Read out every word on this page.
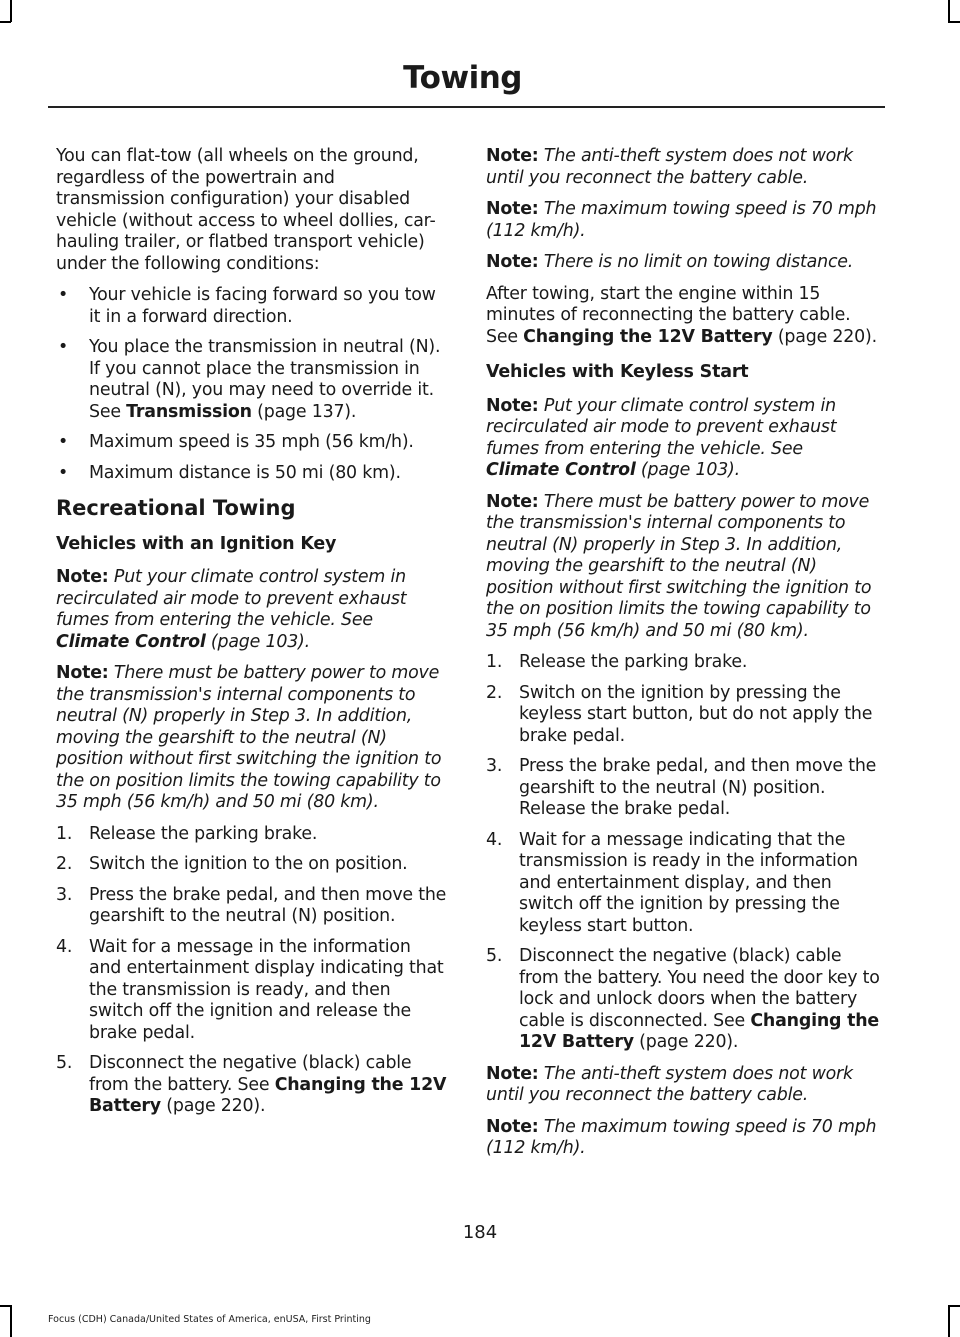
Towing

You can flat-tow (all wheels on the ground, regardless of the powertrain and transmission configuration) your disabled vehicle (without access to wheel dollies, car-hauling trailer, or flatbed transport vehicle) under the following conditions:

• Your vehicle is facing forward so you tow it in a forward direction.
• You place the transmission in neutral (N). If you cannot place the transmission in neutral (N), you may need to override it. See Transmission (page 137).
• Maximum speed is 35 mph (56 km/h).
• Maximum distance is 50 mi (80 km).
Recreational Towing
Vehicles with an Ignition Key

Note: Put your climate control system in recirculated air mode to prevent exhaust fumes from entering the vehicle. See Climate Control (page 103).

Note: There must be battery power to move the transmission's internal components to neutral (N) properly in Step 3. In addition, moving the gearshift to the neutral (N) position without first switching the ignition to the on position limits the towing capability to 35 mph (56 km/h) and 50 mi (80 km).

1. Release the parking brake.
2. Switch the ignition to the on position.
3. Press the brake pedal, and then move the gearshift to the neutral (N) position.
4. Wait for a message in the information and entertainment display indicating that the transmission is ready, and then switch off the ignition and release the brake pedal.
5. Disconnect the negative (black) cable from the battery. See Changing the 12V Battery (page 220).

Note: The anti-theft system does not work until you reconnect the battery cable.

Note: The maximum towing speed is 70 mph (112 km/h).

Note: There is no limit on towing distance.

After towing, start the engine within 15 minutes of reconnecting the battery cable. See Changing the 12V Battery (page 220).

Vehicles with Keyless Start

Note: Put your climate control system in recirculated air mode to prevent exhaust fumes from entering the vehicle. See Climate Control (page 103).

Note: There must be battery power to move the transmission's internal components to neutral (N) properly in Step 3. In addition, moving the gearshift to the neutral (N) position without first switching the ignition to the on position limits the towing capability to 35 mph (56 km/h) and 50 mi (80 km).

1. Release the parking brake.
2. Switch on the ignition by pressing the keyless start button, but do not apply the brake pedal.
3. Press the brake pedal, and then move the gearshift to the neutral (N) position. Release the brake pedal.
4. Wait for a message indicating that the transmission is ready in the information and entertainment display, and then switch off the ignition by pressing the keyless start button.
5. Disconnect the negative (black) cable from the battery. You need the door key to lock and unlock doors when the battery cable is disconnected. See Changing the 12V Battery (page 220).

Note: The anti-theft system does not work until you reconnect the battery cable.

Note: The maximum towing speed is 70 mph (112 km/h).

184
Focus (CDH) Canada/United States of America, enUSA, First Printing
